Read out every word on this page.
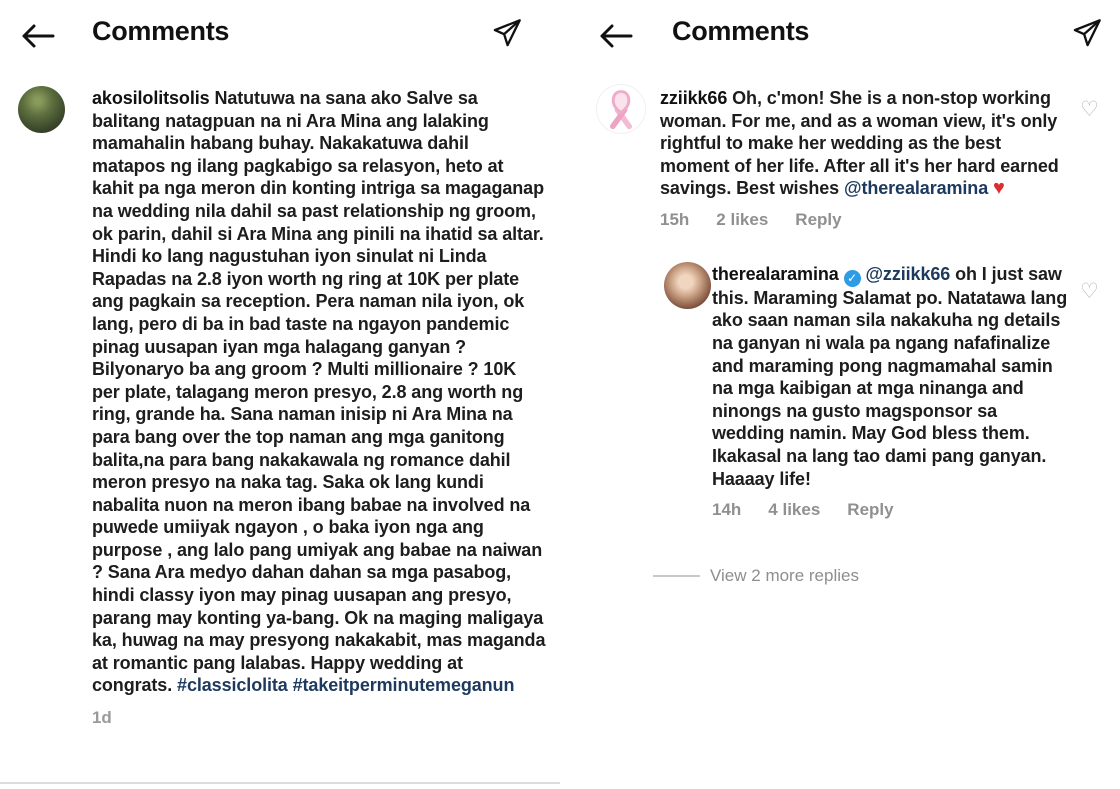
Comments

akosilolitsolis Natutuwa na sana ako Salve sa balitang natagpuan na ni Ara Mina ang lalaking mamahalin habang buhay. Nakakatuwa dahil matapos ng ilang pagkabigo sa relasyon, heto at kahit pa nga meron din konting intriga sa magaganap na wedding nila dahil sa past relationship ng groom, ok parin, dahil si Ara Mina ang pinili na ihatid sa altar. Hindi ko lang nagustuhan iyon sinulat ni Linda Rapadas na 2.8 iyon worth ng ring at 10K per plate ang pagkain sa reception. Pera naman nila iyon, ok lang, pero di ba in bad taste na ngayon pandemic pinag uusapan iyan mga halagang ganyan ? Bilyonaryo ba ang groom ? Multi millionaire ? 10K per plate, talagang meron presyo, 2.8 ang worth ng ring, grande ha. Sana naman inisip ni Ara Mina na para bang over the top naman ang mga ganitong balita,na para bang nakakawala ng romance dahil meron presyo na naka tag. Saka ok lang kundi nabalita nuon na meron ibang babae na involved na puwede umiiyak ngayon , o baka iyon nga ang purpose , ang lalo pang umiyak ang babae na naiwan ? Sana Ara medyo dahan dahan sa mga pasabog, hindi classy iyon may pinag uusapan ang presyo, parang may konting ya-bang. Ok na maging maligaya ka, huwag na may presyong nakakabit, mas maganda at romantic pang lalabas. Happy wedding at congrats. #classiclolita #takeitperminutemeganun

1d
Comments

zziikk66 Oh, c'mon! She is a non-stop working woman. For me, and as a woman view, it's only rightful to make her wedding as the best moment of her life. After all it's her hard earned savings. Best wishes @therealaramina ♥

15h 2 likes Reply
♡

therealaramina ✓ @zziikk66 oh I just saw this. Maraming Salamat po. Natatawa lang ako saan naman sila nakakuha ng details na ganyan ni wala pa ngang nafafinalize and maraming pong nagmamahal samin na mga kaibigan at mga ninanga and ninongs na gusto magsponsor sa wedding namin. May God bless them. Ikakasal na lang tao dami pang ganyan. Haaaay life!

14h 4 likes Reply
♡
View 2 more replies
